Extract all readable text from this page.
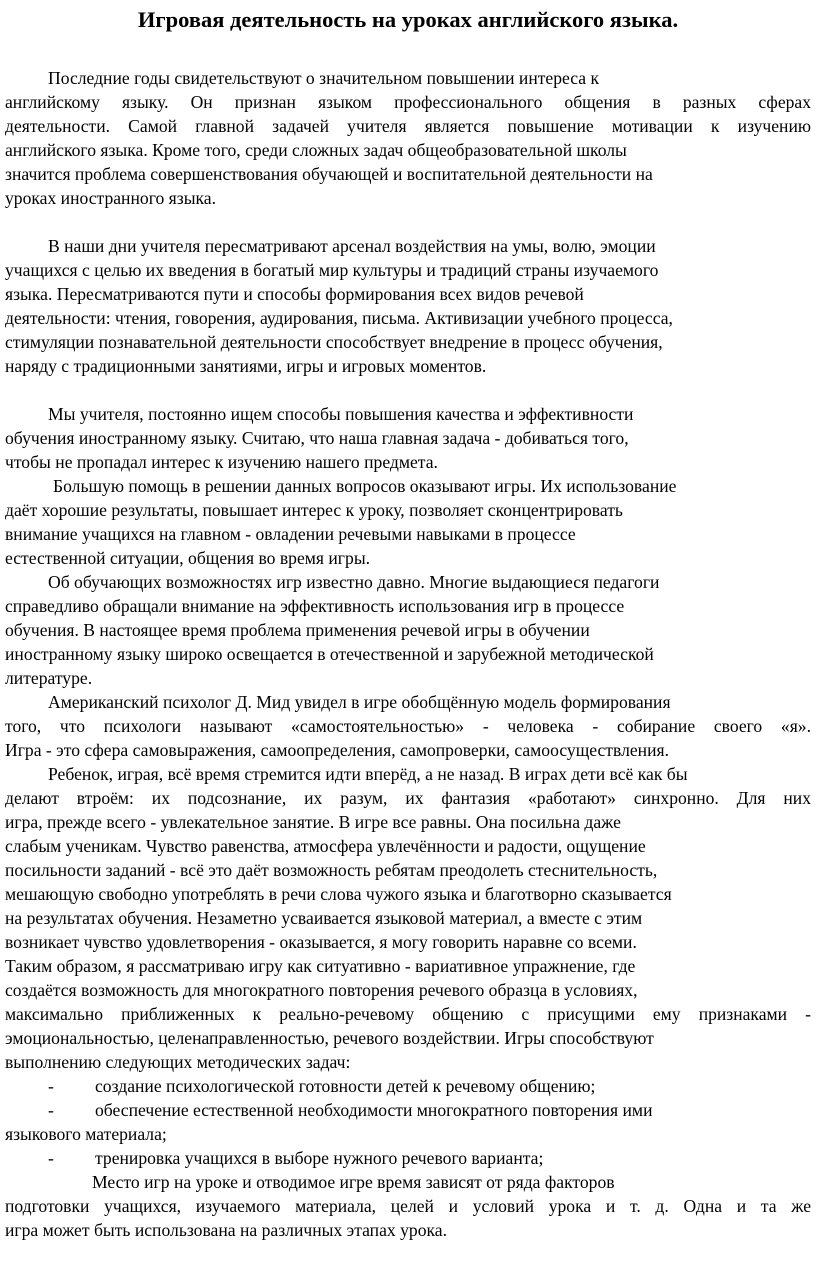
Игровая деятельность на уроках английского языка.
Последние годы свидетельствуют о значительном повышении интереса к
английскому языку. Он признан языком профессионального общения в разных сферах
деятельности. Самой главной задачей учителя является повышение мотивации к изучению
английского языка. Кроме того, среди сложных задач общеобразовательной школы
значится проблема совершенствования обучающей и воспитательной деятельности на
уроках иностранного языка.
В наши дни учителя пересматривают арсенал воздействия на умы, волю, эмоции
учащихся с целью их введения в богатый мир культуры и традиций страны изучаемого
языка. Пересматриваются пути и способы формирования всех видов речевой
деятельности: чтения, говорения, аудирования, письма. Активизации учебного процесса,
стимуляции познавательной деятельности способствует внедрение в процесс обучения,
наряду с традиционными занятиями, игры и игровых моментов.
Мы учителя, постоянно ищем способы повышения качества и эффективности
обучения иностранному языку. Считаю, что наша главная задача - добиваться того,
чтобы не пропадал интерес к изучению нашего предмета.
Большую помощь в решении данных вопросов оказывают игры. Их использование
даёт хорошие результаты, повышает интерес к уроку, позволяет сконцентрировать
внимание учащихся на главном - овладении речевыми навыками в процессе
естественной ситуации, общения во время игры.
Об обучающих возможностях игр известно давно. Многие выдающиеся педагоги
справедливо обращали внимание на эффективность использования игр в процессе
обучения. В настоящее время проблема применения речевой игры в обучении
иностранному языку широко освещается в отечественной и зарубежной методической
литературе.
Американский психолог Д. Мид увидел в игре обобщённую модель формирования
того, что психологи называют «самостоятельностью» - человека - собирание своего «я».
Игра - это сфера самовыражения, самоопределения, самопроверки, самоосуществления.
Ребенок, играя, всё время стремится идти вперёд, а не назад. В играх дети всё как бы
делают втроём: их подсознание, их разум, их фантазия «работают» синхронно. Для них
игра, прежде всего - увлекательное занятие. В игре все равны. Она посильна даже
слабым ученикам. Чувство равенства, атмосфера увлечённости и радости, ощущение
посильности заданий - всё это даёт возможность ребятам преодолеть стеснительность,
мешающую свободно употреблять в речи слова чужого языка и благотворно сказывается
на результатах обучения. Незаметно усваивается языковой материал, а вместе с этим
возникает чувство удовлетворения - оказывается, я могу говорить наравне со всеми.
Таким образом, я рассматриваю игру как ситуативно - вариативное упражнение, где
создаётся возможность для многократного повторения речевого образца в условиях,
максимально приближенных к реально-речевому общению с присущими ему признаками -
эмоциональностью, целенаправленностью, речевого воздействии. Игры способствуют
выполнению следующих методических задач:
- создание психологической готовности детей к речевому общению;
- обеспечение естественной необходимости многократного повторения ими
языкового материала;
- тренировка учащихся в выборе нужного речевого варианта;
Место игр на уроке и отводимое игре время зависят от ряда факторов
подготовки учащихся, изучаемого материала, целей и условий урока и т. д. Одна и та же
игра может быть использована на различных этапах урока.
